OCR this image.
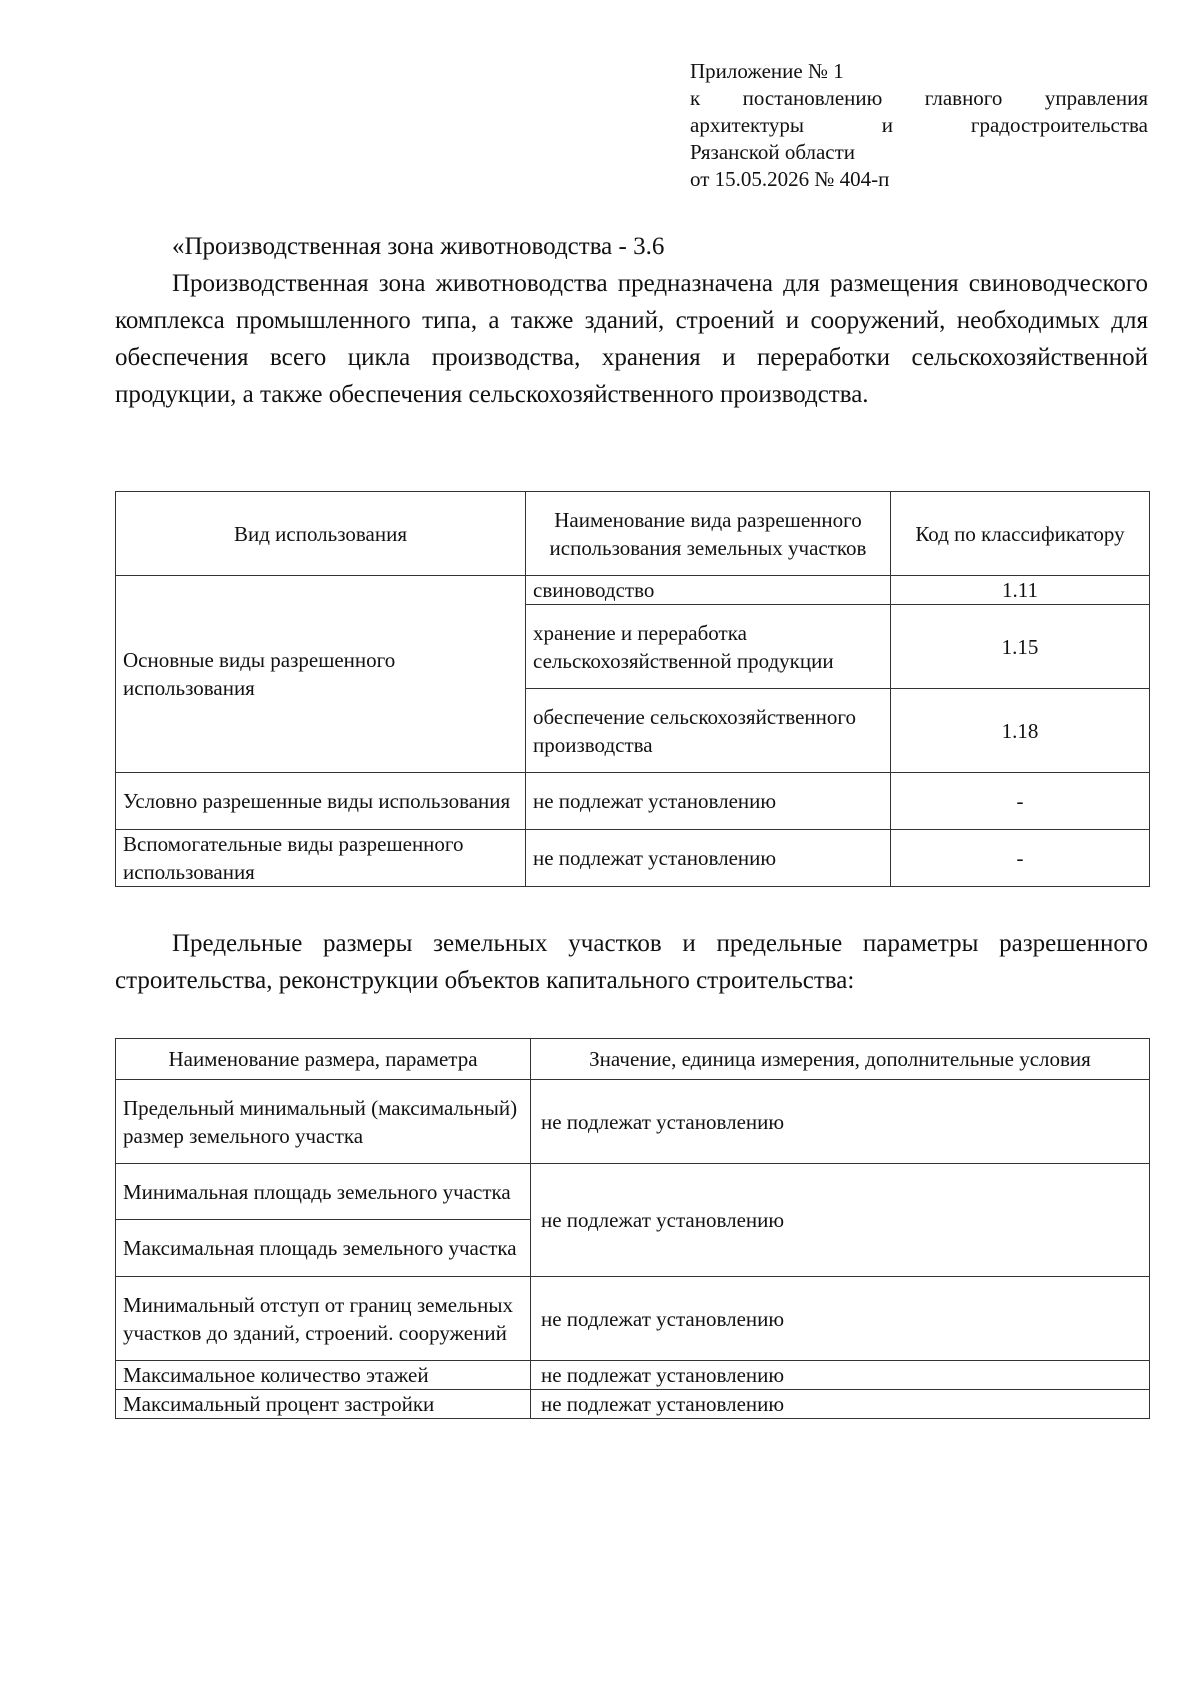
Приложение № 1
к постановлению главного управления
архитектуры и градостроительства
Рязанской области
от 15.05.2026 № 404-п
«Производственная зона животноводства - 3.6
Производственная зона животноводства предназначена для размещения свиноводческого комплекса промышленного типа, а также зданий, строений и сооружений, необходимых для обеспечения всего цикла производства, хранения и переработки сельскохозяйственной продукции, а также обеспечения сельскохозяйственного производства.
Вид использования	Наименование вида разрешенного использования земельных участков	Код по классификатору
Основные виды разрешенного использования	свиноводство	1.11
	хранение и переработка сельскохозяйственной продукции	1.15
	обеспечение сельскохозяйственного производства	1.18
Условно разрешенные виды использования	не подлежат установлению	-
Вспомогательные виды разрешенного использования	не подлежат установлению	-
Предельные размеры земельных участков и предельные параметры разрешенного строительства, реконструкции объектов капитального строительства:
Наименование размера, параметра	Значение, единица измерения, дополнительные условия
Предельный минимальный (максимальный) размер земельного участка	не подлежат установлению
Минимальная площадь земельного участка	не подлежат установлению
Максимальная площадь земельного участка	
Минимальный отступ от границ земельных участков до зданий, строений. сооружений	не подлежат установлению
Максимальное количество этажей	не подлежат установлению
Максимальный процент застройки	не подлежат установлению
